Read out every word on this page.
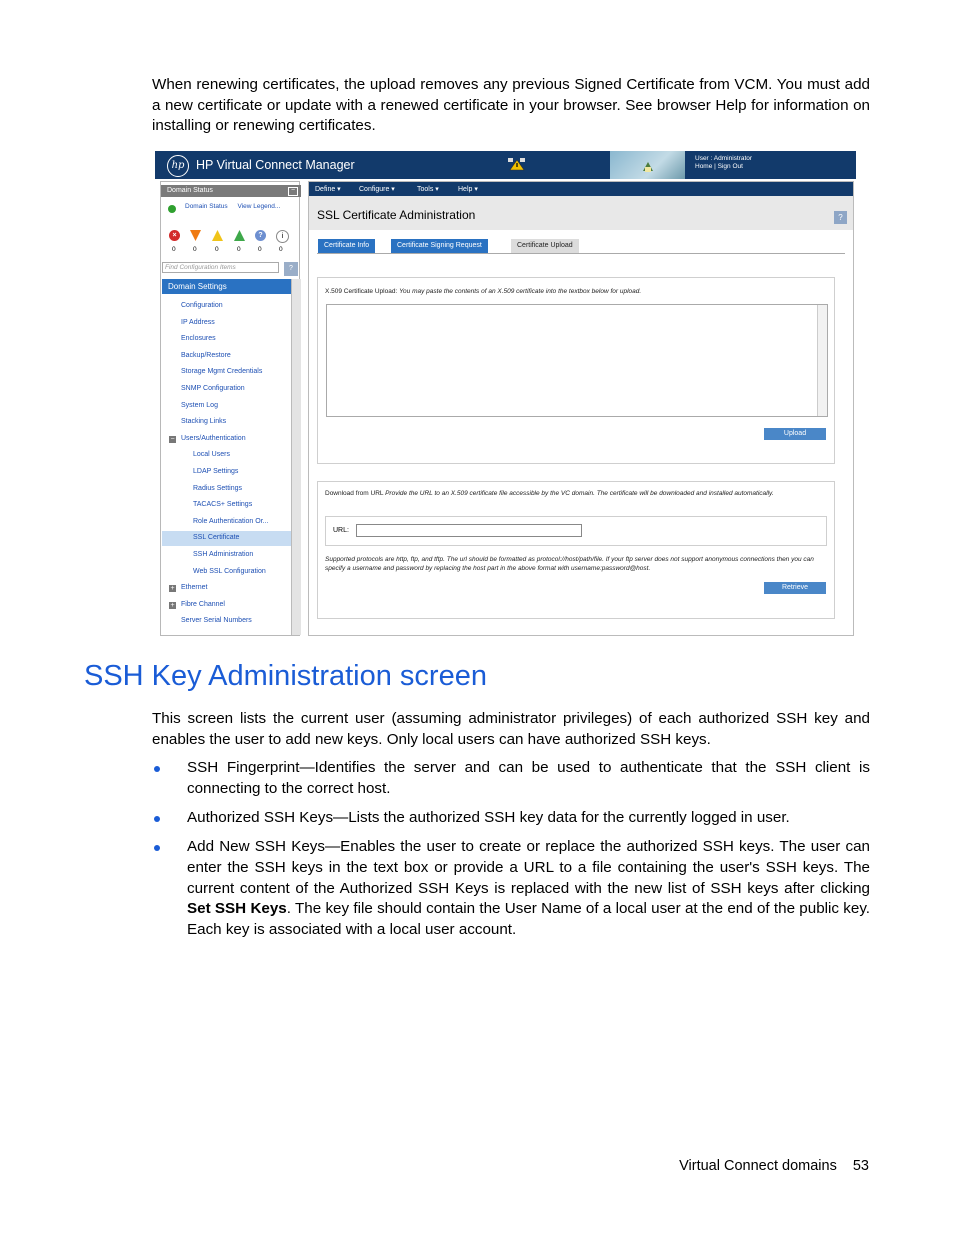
When renewing certificates, the upload removes any previous Signed Certificate from VCM. You must add a new certificate or update with a renewed certificate in your browser. See browser Help for information on installing or renewing certificates.
hp HP Virtual Connect Manager	User : Administrator
Home | Sign Out
Domain Status	−
Domain Status View Legend...
×	?	i
0	0	0	0	0	0
Find Configuration Items	?
Domain Settings
Configuration
IP Address
Enclosures
Backup/Restore
Storage Mgmt Credentials
SNMP Configuration
System Log
Stacking Links
− Users/Authentication
Local Users
LDAP Settings
Radius Settings
TACACS+ Settings
Role Authentication Or...
SSL Certificate
SSH Administration
Web SSL Configuration
+ Ethernet
+ Fibre Channel
Server Serial Numbers
Define ▾	Configure ▾	Tools ▾	Help ▾
SSL Certificate Administration	?
Certificate Info	Certificate Signing Request	Certificate Upload
X.509 Certificate Upload: You may paste the contents of an X.509 certificate into the textbox below for upload.
Upload
Download from URL Provide the URL to an X.509 certificate file accessible by the VC domain. The certificate will be downloaded and installed automatically.
URL:
Supported protocols are http, ftp, and tftp. The url should be formatted as protocol://host/path/file. If your ftp server does not support anonymous connections then you can specify a username and password by replacing the host part in the above format with username:password@host.
Retrieve
SSH Key Administration screen
This screen lists the current user (assuming administrator privileges) of each authorized SSH key and enables the user to add new keys. Only local users can have authorized SSH keys.
SSH Fingerprint—Identifies the server and can be used to authenticate that the SSH client is connecting to the correct host.
Authorized SSH Keys—Lists the authorized SSH key data for the currently logged in user.
Add New SSH Keys—Enables the user to create or replace the authorized SSH keys. The user can enter the SSH keys in the text box or provide a URL to a file containing the user's SSH keys. The current content of the Authorized SSH Keys is replaced with the new list of SSH keys after clicking Set SSH Keys. The key file should contain the User Name of a local user at the end of the public key. Each key is associated with a local user account.
Virtual Connect domains 53
